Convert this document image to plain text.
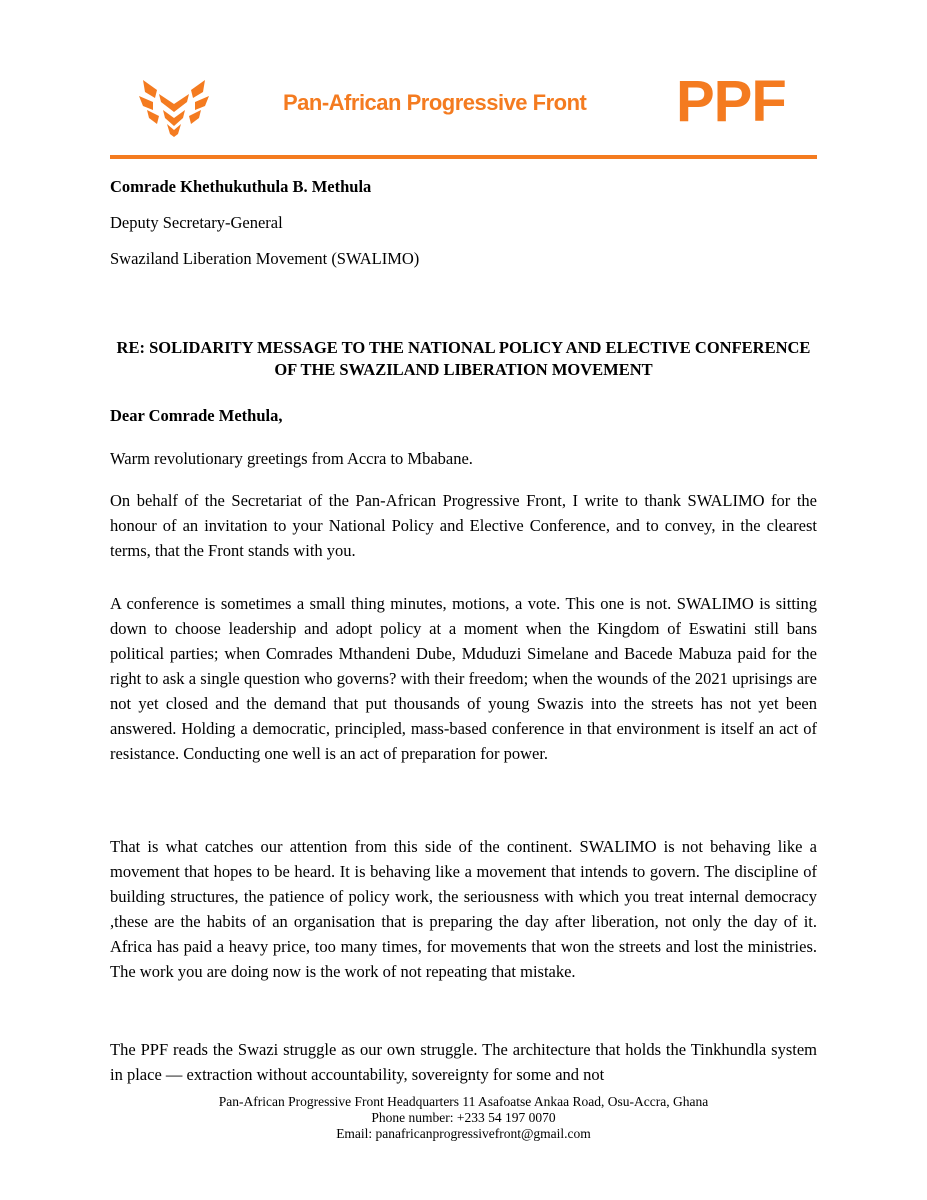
Pan-African Progressive Front PPF
Comrade Khethukuthula B. Methula
Deputy Secretary-General
Swaziland Liberation Movement (SWALIMO)
RE: SOLIDARITY MESSAGE TO THE NATIONAL POLICY AND ELECTIVE CONFERENCE OF THE SWAZILAND LIBERATION MOVEMENT
Dear Comrade Methula,
Warm revolutionary greetings from Accra to Mbabane.

On behalf of the Secretariat of the Pan-African Progressive Front, I write to thank SWALIMO for the honour of an invitation to your National Policy and Elective Conference, and to convey, in the clearest terms, that the Front stands with you.

A conference is sometimes a small thing minutes, motions, a vote. This one is not. SWALIMO is sitting down to choose leadership and adopt policy at a moment when the Kingdom of Eswatini still bans political parties; when Comrades Mthandeni Dube, Mduduzi Simelane and Bacede Mabuza paid for the right to ask a single question who governs? with their freedom; when the wounds of the 2021 uprisings are not yet closed and the demand that put thousands of young Swazis into the streets has not yet been answered. Holding a democratic, principled, mass-based conference in that environment is itself an act of resistance. Conducting one well is an act of preparation for power.

That is what catches our attention from this side of the continent. SWALIMO is not behaving like a movement that hopes to be heard. It is behaving like a movement that intends to govern. The discipline of building structures, the patience of policy work, the seriousness with which you treat internal democracy ,these are the habits of an organisation that is preparing the day after liberation, not only the day of it. Africa has paid a heavy price, too many times, for movements that won the streets and lost the ministries. The work you are doing now is the work of not repeating that mistake.

The PPF reads the Swazi struggle as our own struggle. The architecture that holds the Tinkhundla system in place — extraction without accountability, sovereignty for some and not

Pan-African Progressive Front Headquarters 11 Asafoatse Ankaa Road, Osu-Accra, Ghana
Phone number: +233 54 197 0070
Email: panafricanprogressivefront@gmail.com
